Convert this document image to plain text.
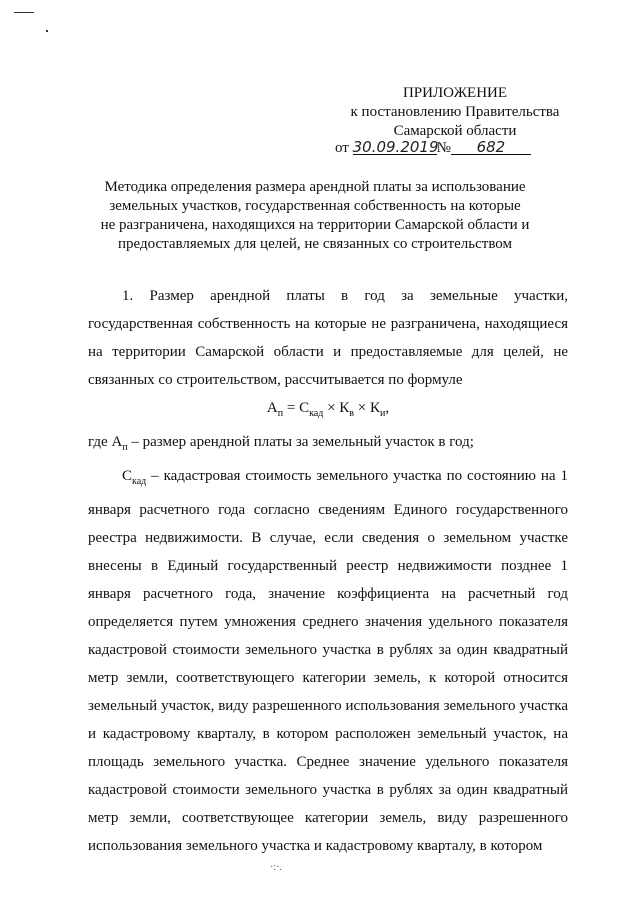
ПРИЛОЖЕНИЕ
к постановлению Правительства
Самарской области
от 30.09.2019№ 682
Методика определения размера арендной платы за использование
земельных участков, государственная собственность на которые
не разграничена, находящихся на территории Самарской области и
предоставляемых для целей, не связанных со строительством

1. Размер арендной платы в год за земельные участки, государственная собственность на которые не разграничена, находящиеся на территории Самарской области и предоставляемые для целей, не связанных со строительством, рассчитывается по формуле

$А_п = С_{кад} \times К_в \times К_и$,

где $А_п$ – размер арендной платы за земельный участок в год;

$С_{кад}$ – кадастровая стоимость земельного участка по состоянию на 1 января расчетного года согласно сведениям Единого государственного реестра недвижимости. В случае, если сведения о земельном участке внесены в Единый государственный реестр недвижимости позднее 1 января расчетного года, значение коэффициента на расчетный год определяется путем умножения среднего значения удельного показателя кадастровой стоимости земельного участка в рублях за один квадратный метр земли, соответствующего категории земель, к которой относится земельный участок, виду разрешенного использования земельного участка и кадастровому кварталу, в котором расположен земельный участок, на площадь земельного участка. Среднее значение удельного показателя кадастровой стоимости земельного участка в рублях за один квадратный метр земли, соответствующее категории земель, виду разрешенного использования земельного участка и кадастровому кварталу, в котором

·:·.
